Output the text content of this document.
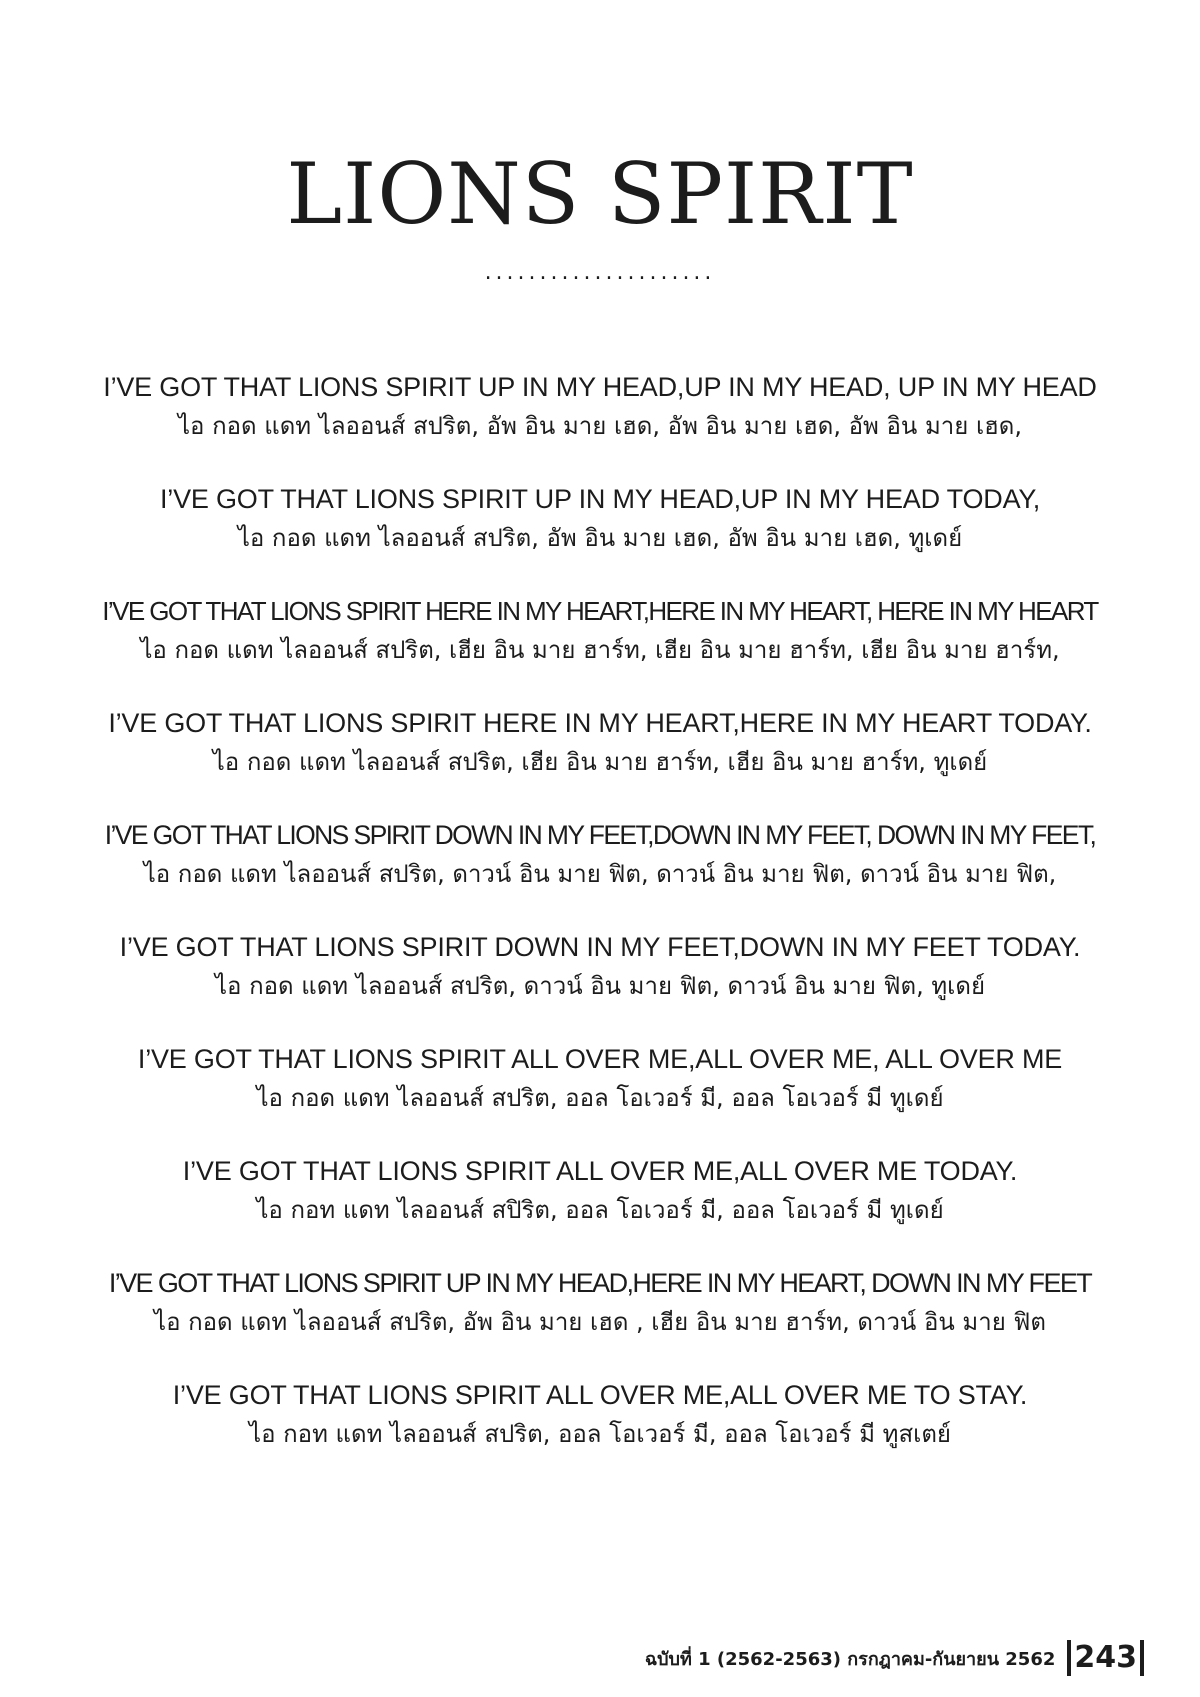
LIONS SPIRIT
.....................

I’VE GOT THAT LIONS SPIRIT UP IN MY HEAD,UP IN MY HEAD, UP IN MY HEAD
ไอ กอด แดท ไลออนส์ สปริต, อัพ อิน มาย เฮด, อัพ อิน มาย เฮด, อัพ อิน มาย เฮด,

I’VE GOT THAT LIONS SPIRIT UP IN MY HEAD,UP IN MY HEAD TODAY,
ไอ กอด แดท ไลออนส์ สปริต, อัพ อิน มาย เฮด, อัพ อิน มาย เฮด, ทูเดย์

I’VE GOT THAT LIONS SPIRIT HERE IN MY HEART,HERE IN MY HEART, HERE IN MY HEART
ไอ กอด แดท ไลออนส์ สปริต, เฮีย อิน มาย ฮาร์ท, เฮีย อิน มาย ฮาร์ท, เฮีย อิน มาย ฮาร์ท,

I’VE GOT THAT LIONS SPIRIT HERE IN MY HEART,HERE IN MY HEART TODAY.
ไอ กอด แดท ไลออนส์ สปริต, เฮีย อิน มาย ฮาร์ท, เฮีย อิน มาย ฮาร์ท, ทูเดย์

I’VE GOT THAT LIONS SPIRIT DOWN IN MY FEET,DOWN IN MY FEET, DOWN IN MY FEET,
ไอ กอด แดท ไลออนส์ สปริต, ดาวน์ อิน มาย ฟิต, ดาวน์ อิน มาย ฟิต, ดาวน์ อิน มาย ฟิต,

I’VE GOT THAT LIONS SPIRIT DOWN IN MY FEET,DOWN IN MY FEET TODAY.
ไอ กอด แดท ไลออนส์ สปริต, ดาวน์ อิน มาย ฟิต, ดาวน์ อิน มาย ฟิต, ทูเดย์

I’VE GOT THAT LIONS SPIRIT ALL OVER ME,ALL OVER ME, ALL OVER ME
ไอ กอด แดท ไลออนส์ สปริต, ออล โอเวอร์ มี, ออล โอเวอร์ มี ทูเดย์

I’VE GOT THAT LIONS SPIRIT ALL OVER ME,ALL OVER ME TODAY.
ไอ กอท แดท ไลออนส์ สปิริต, ออล โอเวอร์ มี, ออล โอเวอร์ มี ทูเดย์

I’VE GOT THAT LIONS SPIRIT UP IN MY HEAD,HERE IN MY HEART, DOWN IN MY FEET
ไอ กอด แดท ไลออนส์ สปริต, อัพ อิน มาย เฮด , เฮีย อิน มาย ฮาร์ท, ดาวน์ อิน มาย ฟิต

I’VE GOT THAT LIONS SPIRIT ALL OVER ME,ALL OVER ME TO STAY.
ไอ กอท แดท ไลออนส์ สปริต, ออล โอเวอร์ มี, ออล โอเวอร์ มี ทูสเตย์

ฉบับที่ 1 (2562-2563) กรกฎาคม-กันยายน 2562 243
